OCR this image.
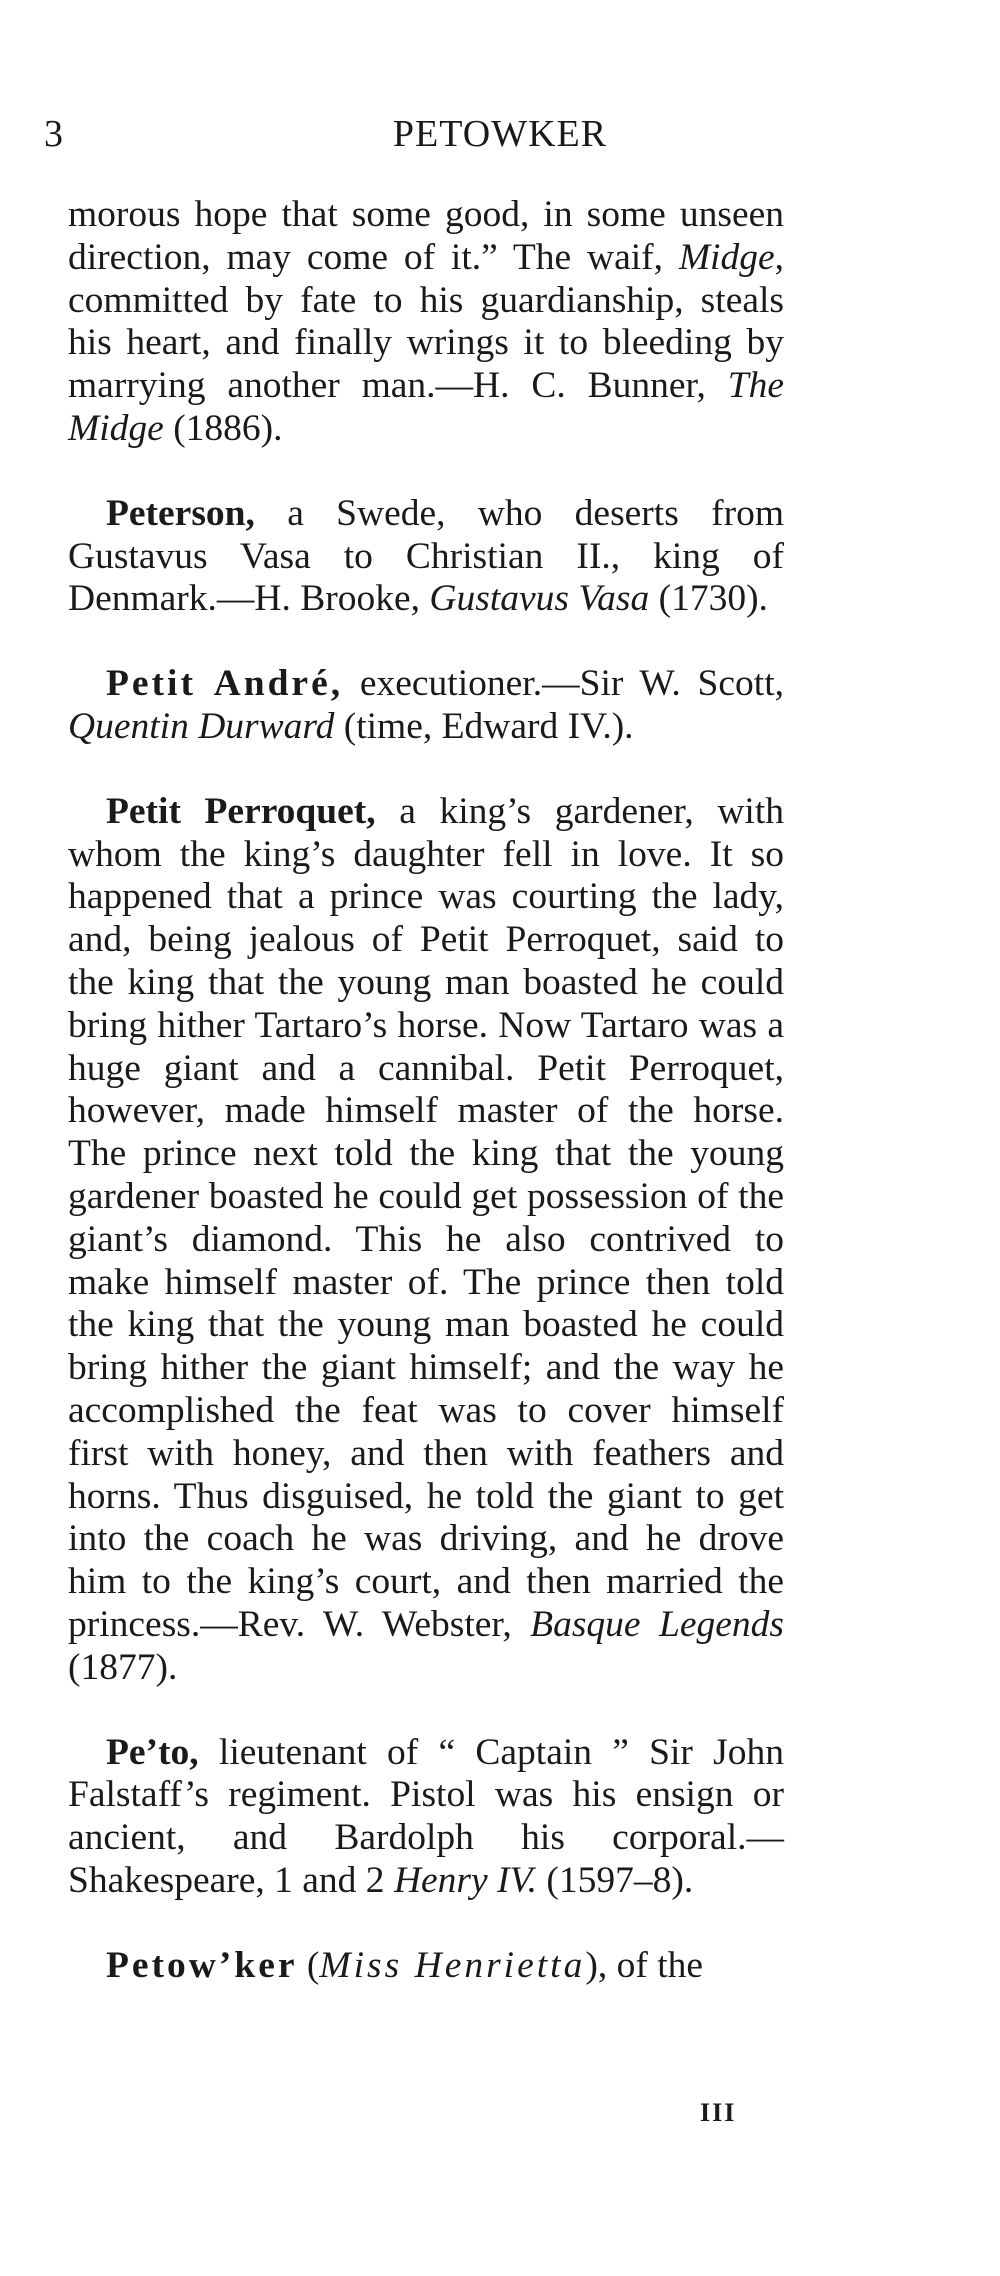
3	PETOWKER

morous hope that some good, in some unseen direction, may come of it.” The waif, Midge, committed by fate to his guardianship, steals his heart, and finally wrings it to bleeding by marrying another man.—H. C. Bunner, The Midge (1886).

Peterson, a Swede, who deserts from Gustavus Vasa to Christian II., king of Denmark.—H. Brooke, Gustavus Vasa (1730).

Petit André, executioner.—Sir W. Scott, Quentin Durward (time, Edward IV.).

Petit Perroquet, a king’s gardener, with whom the king’s daughter fell in love. It so happened that a prince was courting the lady, and, being jealous of Petit Perroquet, said to the king that the young man boasted he could bring hither Tartaro’s horse. Now Tartaro was a huge giant and a cannibal. Petit Perroquet, however, made himself master of the horse. The prince next told the king that the young gardener boasted he could get possession of the giant’s diamond. This he also contrived to make himself master of. The prince then told the king that the young man boasted he could bring hither the giant himself; and the way he accomplished the feat was to cover himself first with honey, and then with feathers and horns. Thus disguised, he told the giant to get into the coach he was driving, and he drove him to the king’s court, and then married the princess.—Rev. W. Webster, Basque Legends (1877).

Pe’to, lieutenant of “ Captain ” Sir John Falstaff’s regiment. Pistol was his ensign or ancient, and Bardolph his corporal.— Shakespeare, 1 and 2 Henry IV. (1597–8).

Petow’ker (Miss Henrietta), of the

III
